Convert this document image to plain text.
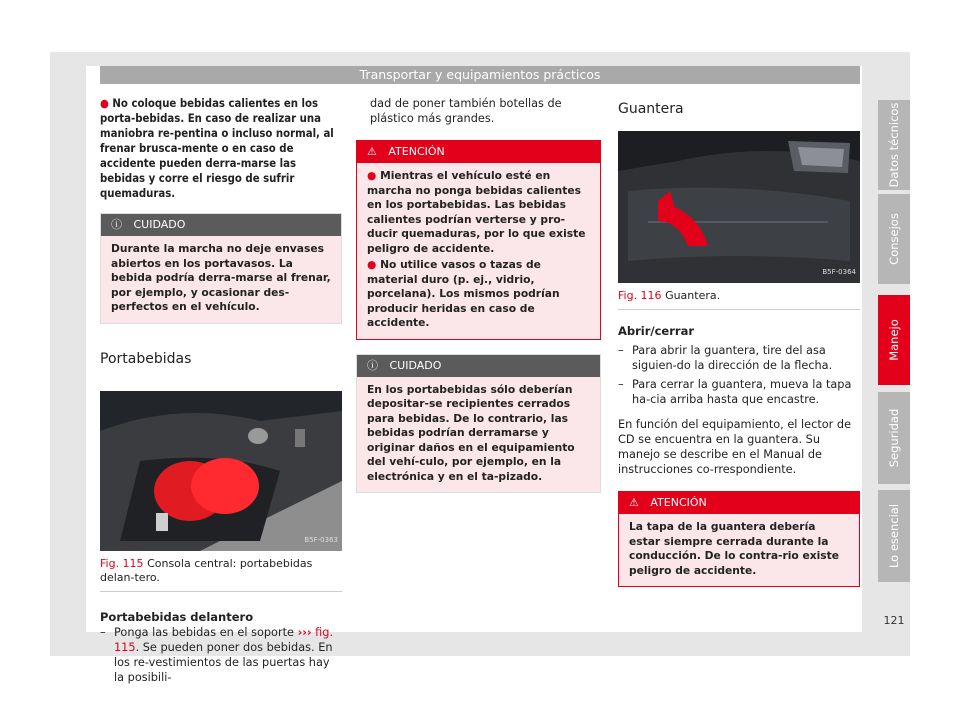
Transportar y equipamientos prácticos
● No coloque bebidas calientes en los porta-bebidas. En caso de realizar una maniobra re-pentina o incluso normal, al frenar brusca-mente o en caso de accidente pueden derra-marse las bebidas y corre el riesgo de sufrir quemaduras.
ⓘ CUIDADO
Durante la marcha no deje envases abiertos en los portavasos. La bebida podría derra-marse al frenar, por ejemplo, y ocasionar des-perfectos en el vehículo.
Portabebidas
B5F-0363
Fig. 115 Consola central: portabebidas delan-tero.
Portabebidas delantero
– Ponga las bebidas en el soporte ››› fig. 115. Se pueden poner dos bebidas. En los re-vestimientos de las puertas hay la posibili-
dad de poner también botellas de plástico más grandes.
⚠ ATENCIÓN
● Mientras el vehículo esté en marcha no ponga bebidas calientes en los portabebidas. Las bebidas calientes podrían verterse y pro-ducir quemaduras, por lo que existe peligro de accidente.
● No utilice vasos o tazas de material duro (p. ej., vidrio, porcelana). Los mismos podrían producir heridas en caso de accidente.
ⓘ CUIDADO
En los portabebidas sólo deberían depositar-se recipientes cerrados para bebidas. De lo contrario, las bebidas podrían derramarse y originar daños en el equipamiento del vehí-culo, por ejemplo, en la electrónica y en el ta-pizado.
Guantera
B5F-0364
Fig. 116 Guantera.
Abrir/cerrar
– Para abrir la guantera, tire del asa siguien-do la dirección de la flecha.
– Para cerrar la guantera, mueva la tapa ha-cia arriba hasta que encastre.
En función del equipamiento, el lector de CD se encuentra en la guantera. Su manejo se describe en el Manual de instrucciones co-rrespondiente.
⚠ ATENCIÓN
La tapa de la guantera debería estar siempre cerrada durante la conducción. De lo contra-rio existe peligro de accidente.
Datos técnicos
Consejos
Manejo
Seguridad
Lo esencial
121
